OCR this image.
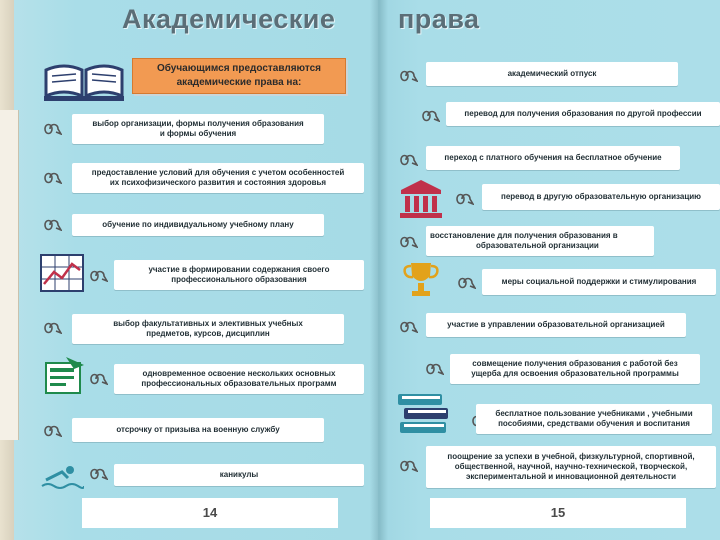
Академические права
Обучающимся предоставляются
академические права на:
выбор организации, формы получения образования
и формы обучения
предоставление условий для обучения с учетом особенностей
их психофизического развития и состояния здоровья
обучение по индивидуальному учебному плану
участие в формировании содержания своего
профессионального образования
выбор факультативных и элективных учебных
предметов, курсов, дисциплин
одновременное освоение нескольких основных
профессиональных образовательных программ
отсрочку от призыва на военную службу
каникулы
14
академический отпуск
перевод для получения образования по другой профессии
переход с платного обучения на бесплатное обучение
перевод в другую образовательную организацию
восстановление для получения образования в
образовательной организации
меры социальной поддержки и стимулирования
участие в управлении образовательной организацией
совмещение получения образования с работой без
ущерба для освоения образовательной программы
бесплатное пользование учебниками , учебными
пособиями, средствами обучения и воспитания
поощрение за успехи в учебной, физкультурной, спортивной,
общественной, научной, научно-технической, творческой,
экспериментальной и инновационной деятельности
15
